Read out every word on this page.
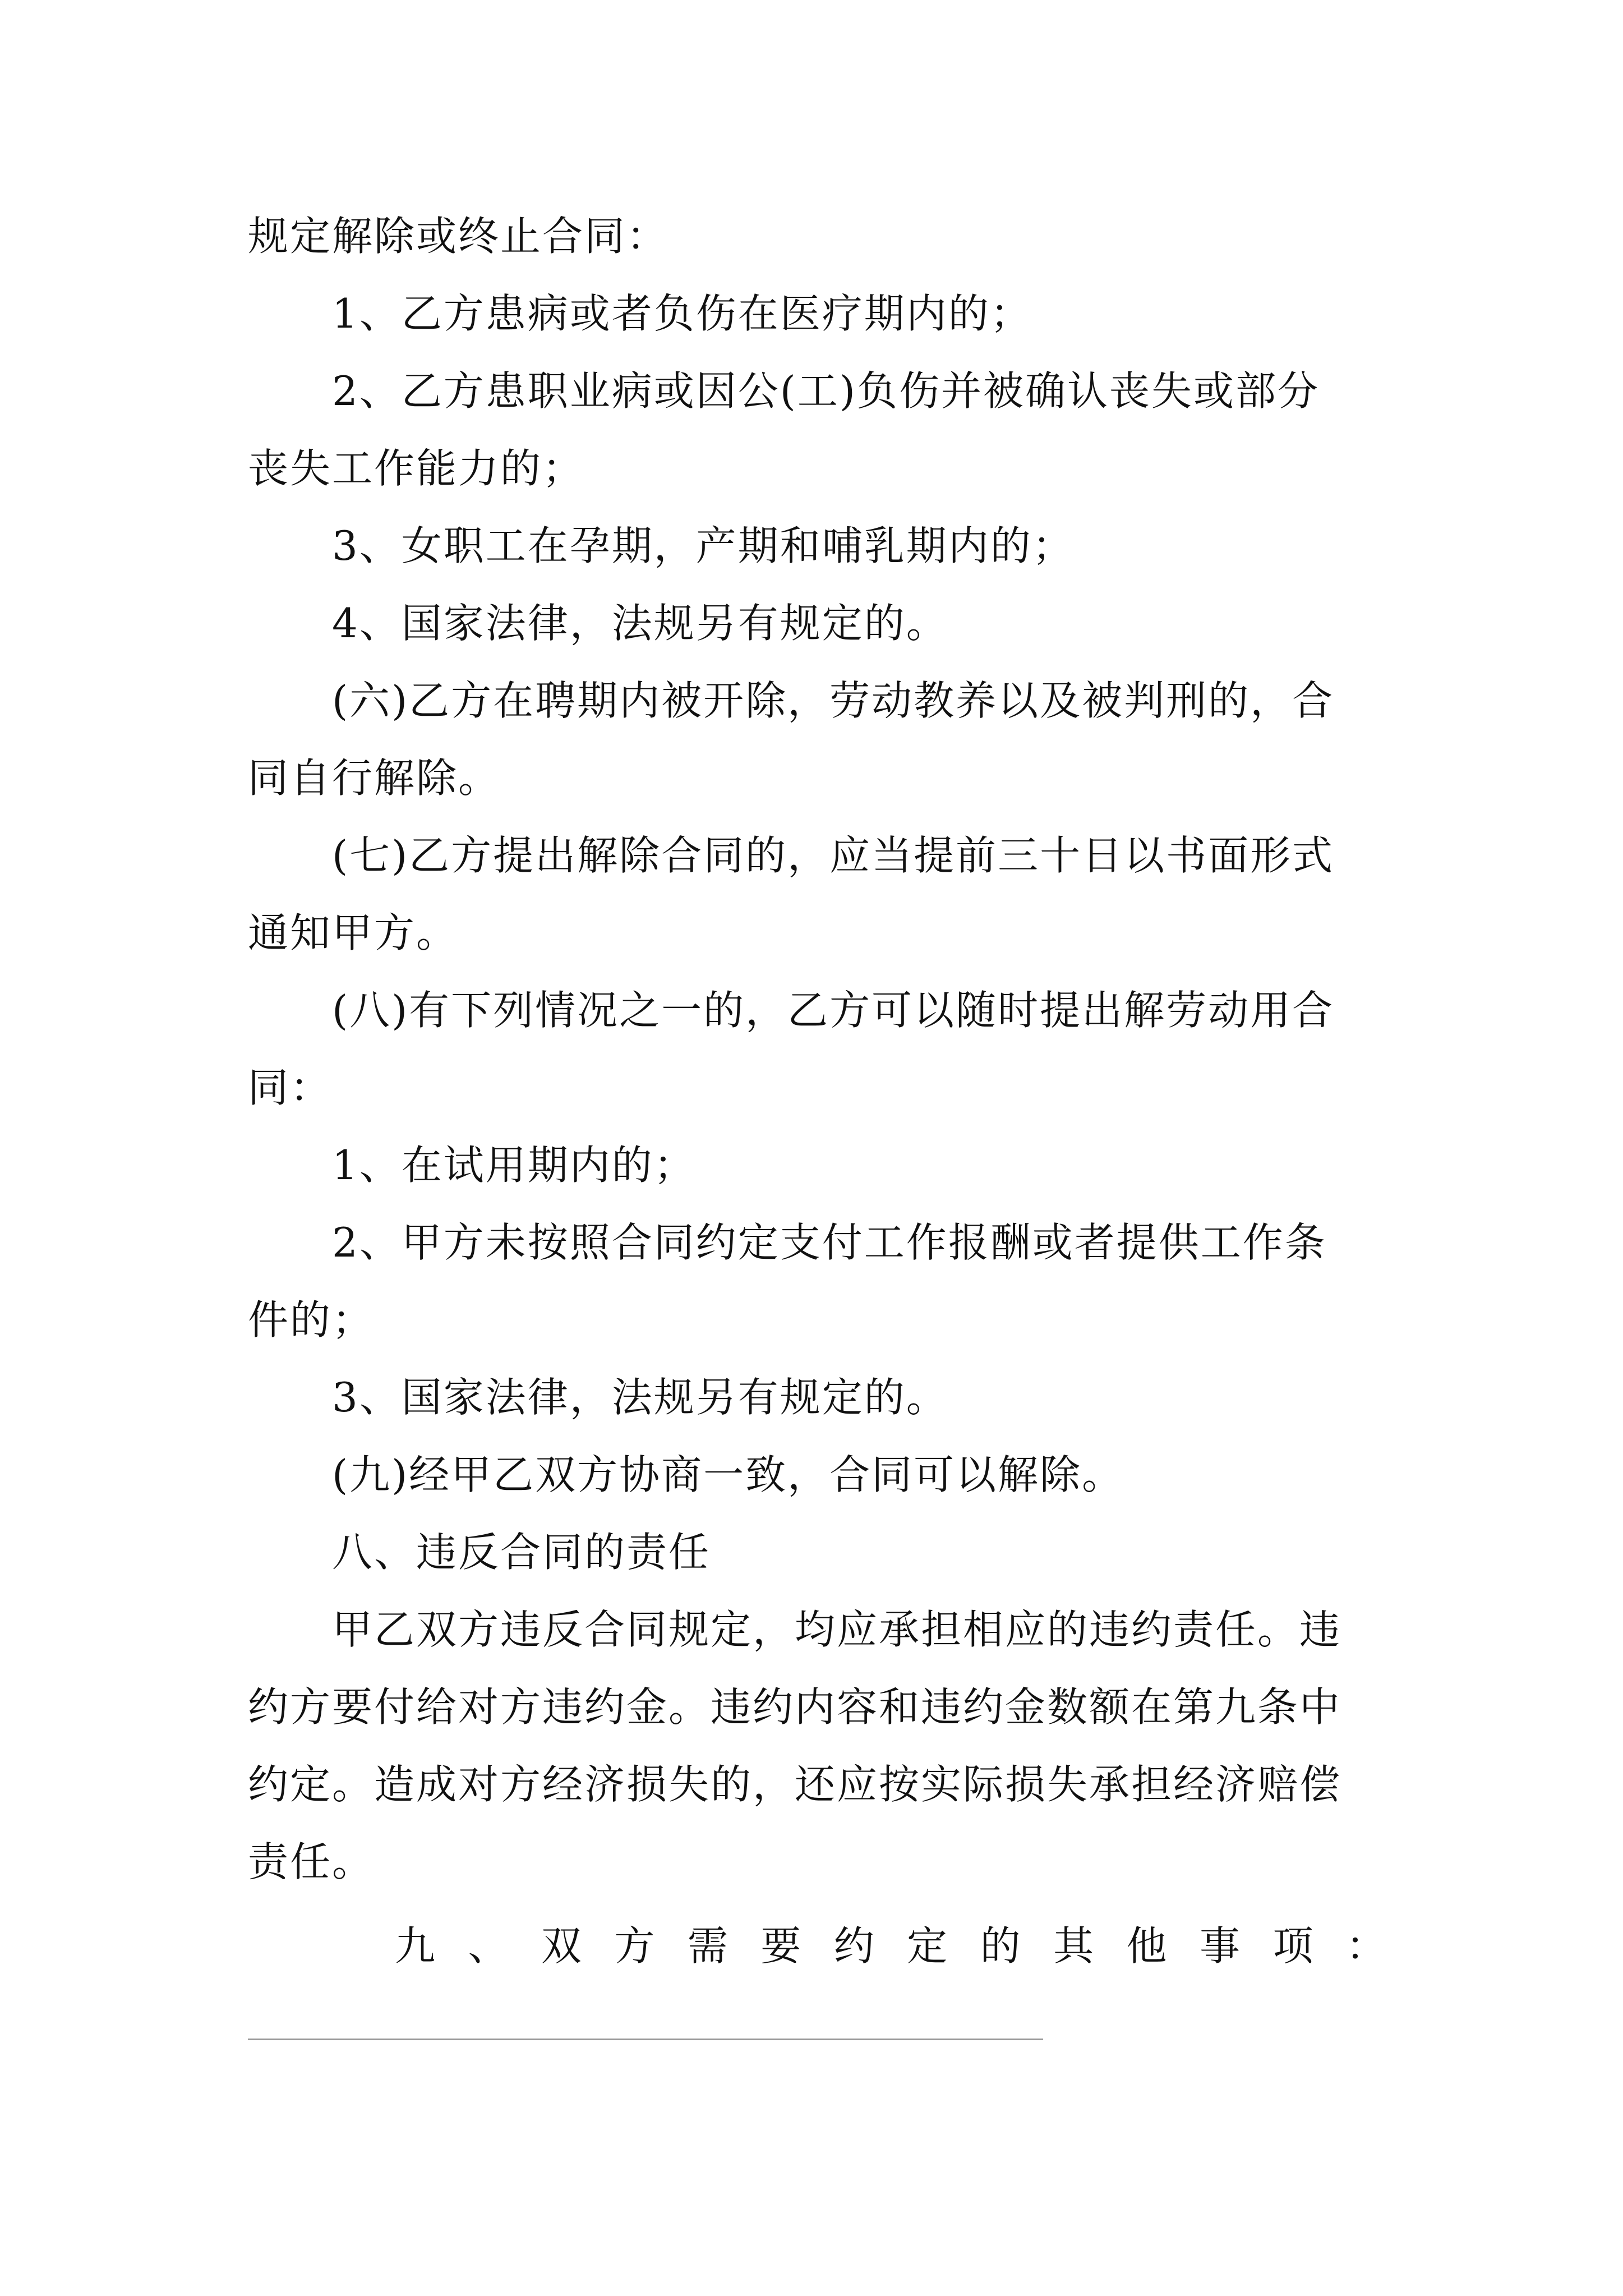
规定解除或终止合同：
1、乙方患病或者负伤在医疗期内的；
2、乙方患职业病或因公(工)负伤并被确认丧失或部分
丧失工作能力的；
3、女职工在孕期，产期和哺乳期内的；
4、国家法律，法规另有规定的。
(六)乙方在聘期内被开除，劳动教养以及被判刑的，合
同自行解除。
(七)乙方提出解除合同的，应当提前三十日以书面形式
通知甲方。
(八)有下列情况之一的，乙方可以随时提出解劳动用合
同：
1、在试用期内的；
2、甲方未按照合同约定支付工作报酬或者提供工作条
件的；
3、国家法律，法规另有规定的。
(九)经甲乙双方协商一致，合同可以解除。
八、违反合同的责任
甲乙双方违反合同规定，均应承担相应的违约责任。违
约方要付给对方违约金。违约内容和违约金数额在第九条中
约定。造成对方经济损失的，还应按实际损失承担经济赔偿
责任。
九 、 双 方 需 要 约 定 的 其 他 事 项 ：
